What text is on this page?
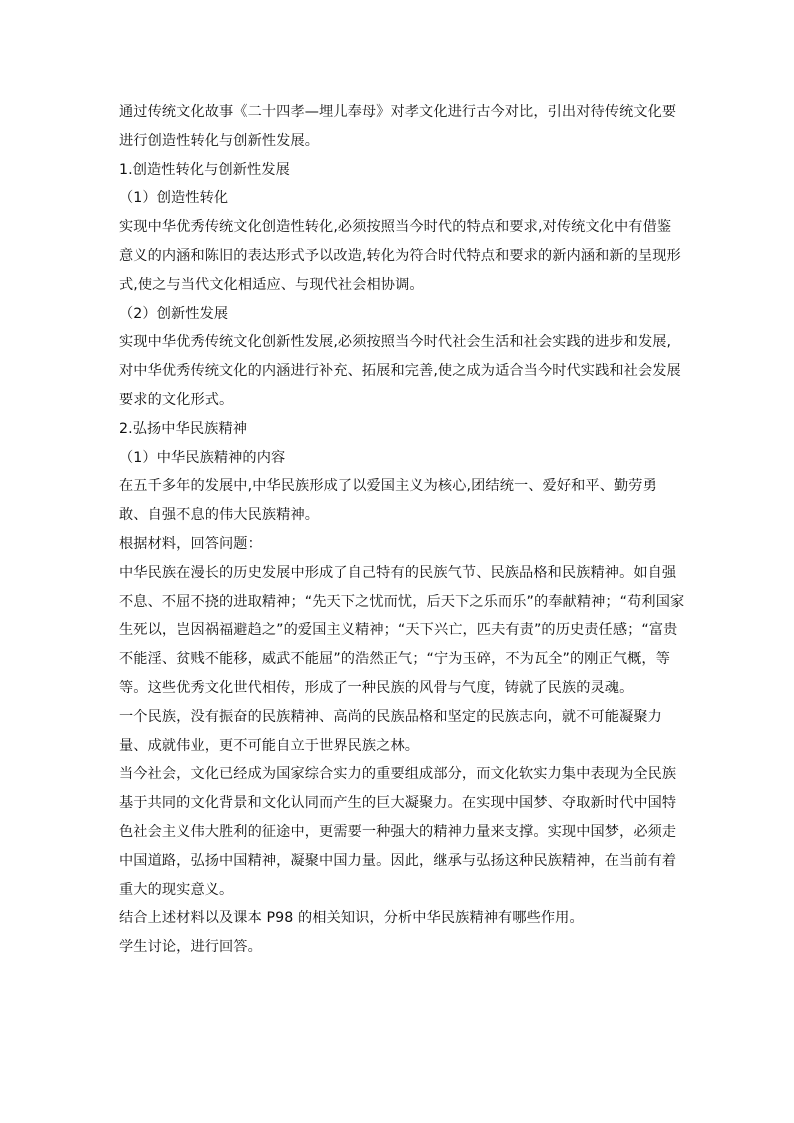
通过传统文化故事《二十四孝—埋儿奉母》对孝文化进行古今对比，引出对待传统文化要进行创造性转化与创新性发展。

1.创造性转化与创新性发展

（1）创造性转化

实现中华优秀传统文化创造性转化,必须按照当今时代的特点和要求,对传统文化中有借鉴意义的内涵和陈旧的表达形式予以改造,转化为符合时代特点和要求的新内涵和新的呈现形式,使之与当代文化相适应、与现代社会相协调。

（2）创新性发展

实现中华优秀传统文化创新性发展,必须按照当今时代社会生活和社会实践的进步和发展,对中华优秀传统文化的内涵进行补充、拓展和完善,使之成为适合当今时代实践和社会发展要求的文化形式。

2.弘扬中华民族精神

（1）中华民族精神的内容

在五千多年的发展中,中华民族形成了以爱国主义为核心,团结统一、爱好和平、勤劳勇敢、自强不息的伟大民族精神。

根据材料，回答问题：

中华民族在漫长的历史发展中形成了自己特有的民族气节、民族品格和民族精神。如自强不息、不屈不挠的进取精神；“先天下之忧而忧，后天下之乐而乐”的奉献精神；“苟利国家生死以，岂因祸福避趋之”的爱国主义精神；“天下兴亡，匹夫有责”的历史责任感；“富贵不能淫、贫贱不能移，威武不能屈”的浩然正气；“宁为玉碎，不为瓦全”的刚正气概，等等。这些优秀文化世代相传，形成了一种民族的风骨与气度，铸就了民族的灵魂。

一个民族，没有振奋的民族精神、高尚的民族品格和坚定的民族志向，就不可能凝聚力量、成就伟业，更不可能自立于世界民族之林。

当今社会，文化已经成为国家综合实力的重要组成部分，而文化软实力集中表现为全民族基于共同的文化背景和文化认同而产生的巨大凝聚力。在实现中国梦、夺取新时代中国特色社会主义伟大胜利的征途中，更需要一种强大的精神力量来支撑。实现中国梦，必须走中国道路，弘扬中国精神，凝聚中国力量。因此，继承与弘扬这种民族精神，在当前有着重大的现实意义。

结合上述材料以及课本 P98 的相关知识，分析中华民族精神有哪些作用。

学生讨论，进行回答。
